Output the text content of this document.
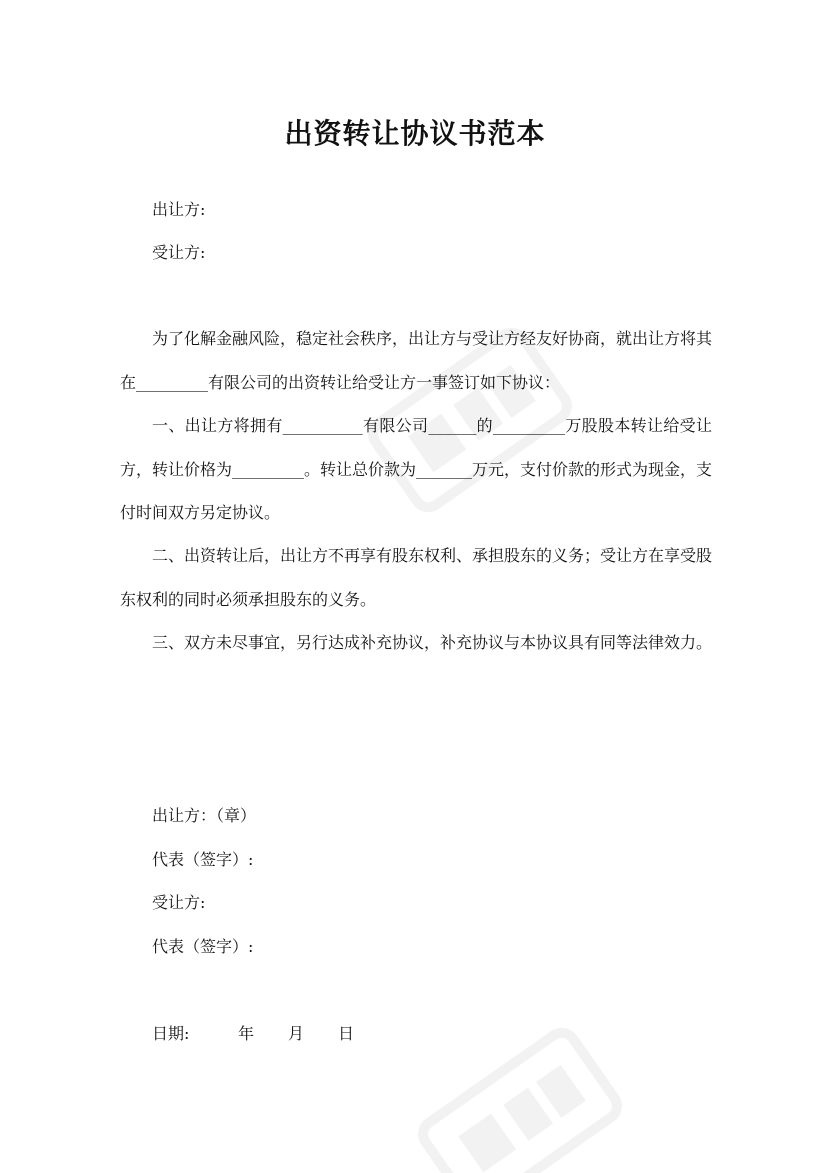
出资转让协议书范本
出让方:
受让方:

为了化解金融风险，稳定社会秩序，出让方与受让方经友好协商，就出让方将其在_________有限公司的出资转让给受让方一事签订如下协议：

一、出让方将拥有__________有限公司______的_________万股股本转让给受让方，转让价格为_________。转让总价款为_______万元，支付价款的形式为现金，支付时间双方另定协议。

二、出资转让后，出让方不再享有股东权利、承担股东的义务；受让方在享受股东权利的同时必须承担股东的义务。

三、双方未尽事宜，另行达成补充协议，补充协议与本协议具有同等法律效力。

出让方：（章）
代表（签字）:
受让方:
代表（签字）:
日期:	年 月 日
